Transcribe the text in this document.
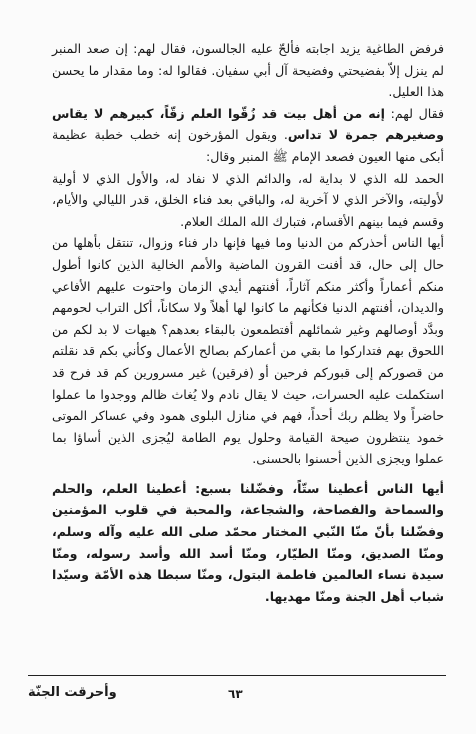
فرفض الطاغية يزيد اجابته فألحّ عليه الجالسون، فقال لهم: إن صعد المنبر لم ينزل إلاّ بفضيحتي وفضيحة آل أبي سفيان. فقالوا له: وما مقدار ما يحسن هذا العليل.

فقال لهم: إنه من أهل بيت قد زُقّوا العلم زقّاً، كبيرهم لا يقاس وصغيرهم جمرة لا تداس. ويقول المؤرخون إنه خطب خطبة عظيمة أبكى منها العيون فصعد الإمام ﷺ المنبر وقال:

الحمد لله الذي لا بداية له، والدائم الذي لا نفاد له، والأول الذي لا أولية لأوليته، والآخر الذي لا آخرية له، والباقي بعد فناء الخلق، قدر الليالي والأيام، وقسم فيما بينهم الأقسام، فتبارك الله الملك العلام.

أيها الناس أحذركم من الدنيا وما فيها فإنها دار فناء وزوال، تنتقل بأهلها من حال إلى حال، قد أفنت القرون الماضية والأمم الخالية الذين كانوا أطول منكم أعماراً وأكثر منكم آثاراً، أفنتهم أيدي الزمان واحتوت عليهم الأفاعي والديدان، أفنتهم الدنيا فكأنهم ما كانوا لها أهلاً ولا سكاناً، أكل التراب لحومهم وبدَّد أوصالهم وغير شمائلهم أفتطمعون بالبقاء بعدهم؟ هيهات لا بد لكم من اللحوق بهم فتداركوا ما بقي من أعماركم بصالح الأعمال وكأني بكم قد نقلتم من قصوركم إلى قبوركم فرحين أو (فرقين) غير مسرورين كم قد فرح قد استكملت عليه الحسرات، حيث لا يقال نادم ولا يُغاث ظالم ووجدوا ما عملوا حاضراً ولا يظلم ربك أحداً، فهم في منازل البلوى همود وفي عساكر الموتى خمود ينتظرون صيحة القيامة وحلول يوم الطامة ليُجزى الذين أساؤا بما عملوا ويجزى الذين أحسنوا بالحسنى.

أيها الناس أعطينا ستّاً، وفضّلنا بسبع: أعطينا العلم، والحلم والسماحة والفصاحة، والشجاعة، والمحبة في قلوب المؤمنين وفضّلنا بأنّ منّا النّبي المختار محمّد صلى الله عليه وآله وسلم، ومنّا الصديق، ومنّا الطيّار، ومنّا أسد الله وأسد رسوله، ومنّا سيدة نساء العالمين فاطمة البتول، ومنّا سبطا هذه الأمّة وسيّدا شباب أهل الجنة ومنّا مهديها.

٦٣
وأحرقت الجنّة
